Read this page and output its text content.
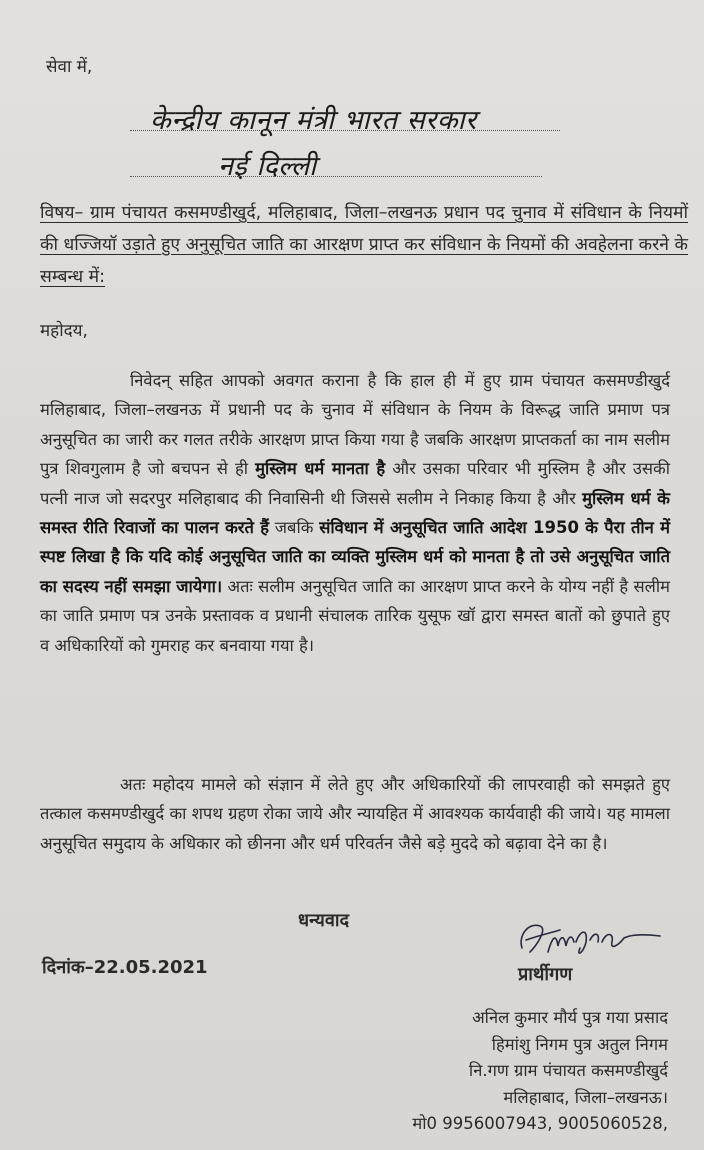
सेवा में,
केन्द्रीय कानून मंत्री भारत सरकार
नई दिल्ली
विषय– ग्राम पंचायत कसमण्डीखुर्द, मलिहाबाद, जिला–लखनऊ प्रधान पद चुनाव में संविधान के नियमों की धज्जियॉ उड़ाते हुए अनुसूचित जाति का आरक्षण प्राप्त कर संविधान के नियमों की अवहेलना करने के सम्बन्ध में:
महोदय,
निवेदन् सहित आपको अवगत कराना है कि हाल ही में हुए ग्राम पंचायत कसमण्डीखुर्द मलिहाबाद, जिला–लखनऊ में प्रधानी पद के चुनाव में संविधान के नियम के विरूद्ध जाति प्रमाण पत्र अनुसूचित का जारी कर गलत तरीके आरक्षण प्राप्त किया गया है जबकि आरक्षण प्राप्तकर्ता का नाम सलीम पुत्र शिवगुलाम है जो बचपन से ही मुस्लिम धर्म मानता है और उसका परिवार भी मुस्लिम है और उसकी पत्नी नाज जो सदरपुर मलिहाबाद की निवासिनी थी जिससे सलीम ने निकाह किया है और मुस्लिम धर्म के समस्त रीति रिवाजों का पालन करते हैं जबकि संविधान में अनुसूचित जाति आदेश 1950 के पैरा तीन में स्पष्ट लिखा है कि यदि कोई अनुसूचित जाति का व्यक्ति मुस्लिम धर्म को मानता है तो उसे अनुसूचित जाति का सदस्य नहीं समझा जायेगा। अतः सलीम अनुसूचित जाति का आरक्षण प्राप्त करने के योग्य नहीं है सलीम का जाति प्रमाण पत्र उनके प्रस्तावक व प्रधानी संचालक तारिक युसूफ खॉ द्वारा समस्त बातों को छुपाते हुए व अधिकारियों को गुमराह कर बनवाया गया है।
अतः महोदय मामले को संज्ञान में लेते हुए और अधिकारियों की लापरवाही को समझते हुए तत्काल कसमण्डीखुर्द का शपथ ग्रहण रोका जाये और न्यायहित में आवश्यक कार्यवाही की जाये। यह मामला अनुसूचित समुदाय के अधिकार को छीनना और धर्म परिवर्तन जैसे बड़े मुददे को बढ़ावा देने का है।
धन्यवाद
दिनांक–22.05.2021	प्रार्थीगण
अनिल कुमार मौर्य पुत्र गया प्रसाद
हिमांशु निगम पुत्र अतुल निगम
नि.गण ग्राम पंचायत कसमण्डीखुर्द
मलिहाबाद, जिला–लखनऊ।
मो0 9956007943, 9005060528,
